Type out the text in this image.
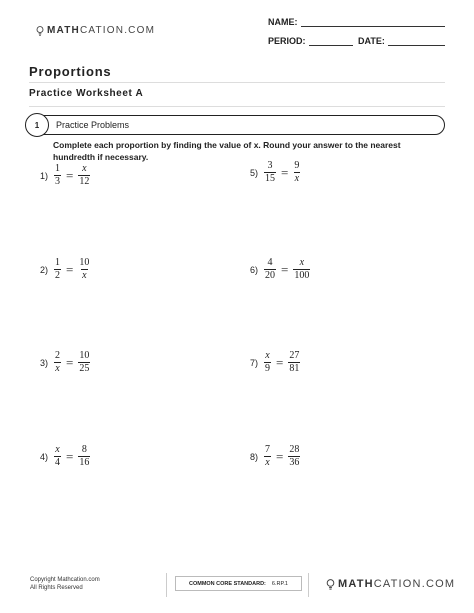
MATHCATION.COM
NAME:
PERIOD:	DATE:
Proportions
Practice Worksheet A
1	Practice Problems
Complete each proportion by finding the value of x. Round your answer to the nearest hundredth if necessary.
$1) \frac{1}{3} = \frac{x}{12}$
$2) \frac{1}{2} = \frac{10}{x}$
$3) \frac{2}{x} = \frac{10}{25}$
$4) \frac{x}{4} = \frac{8}{16}$
$5) \frac{3}{15} = \frac{9}{x}$
$6) \frac{4}{20} = \frac{x}{100}$
$7) \frac{x}{9} = \frac{27}{81}$
$8) \frac{7}{x} = \frac{28}{36}$
Copyright Mathcation.com
All Rights Reserved
COMMON CORE STANDARD: 6.RP.1	MATHCATION.COM
